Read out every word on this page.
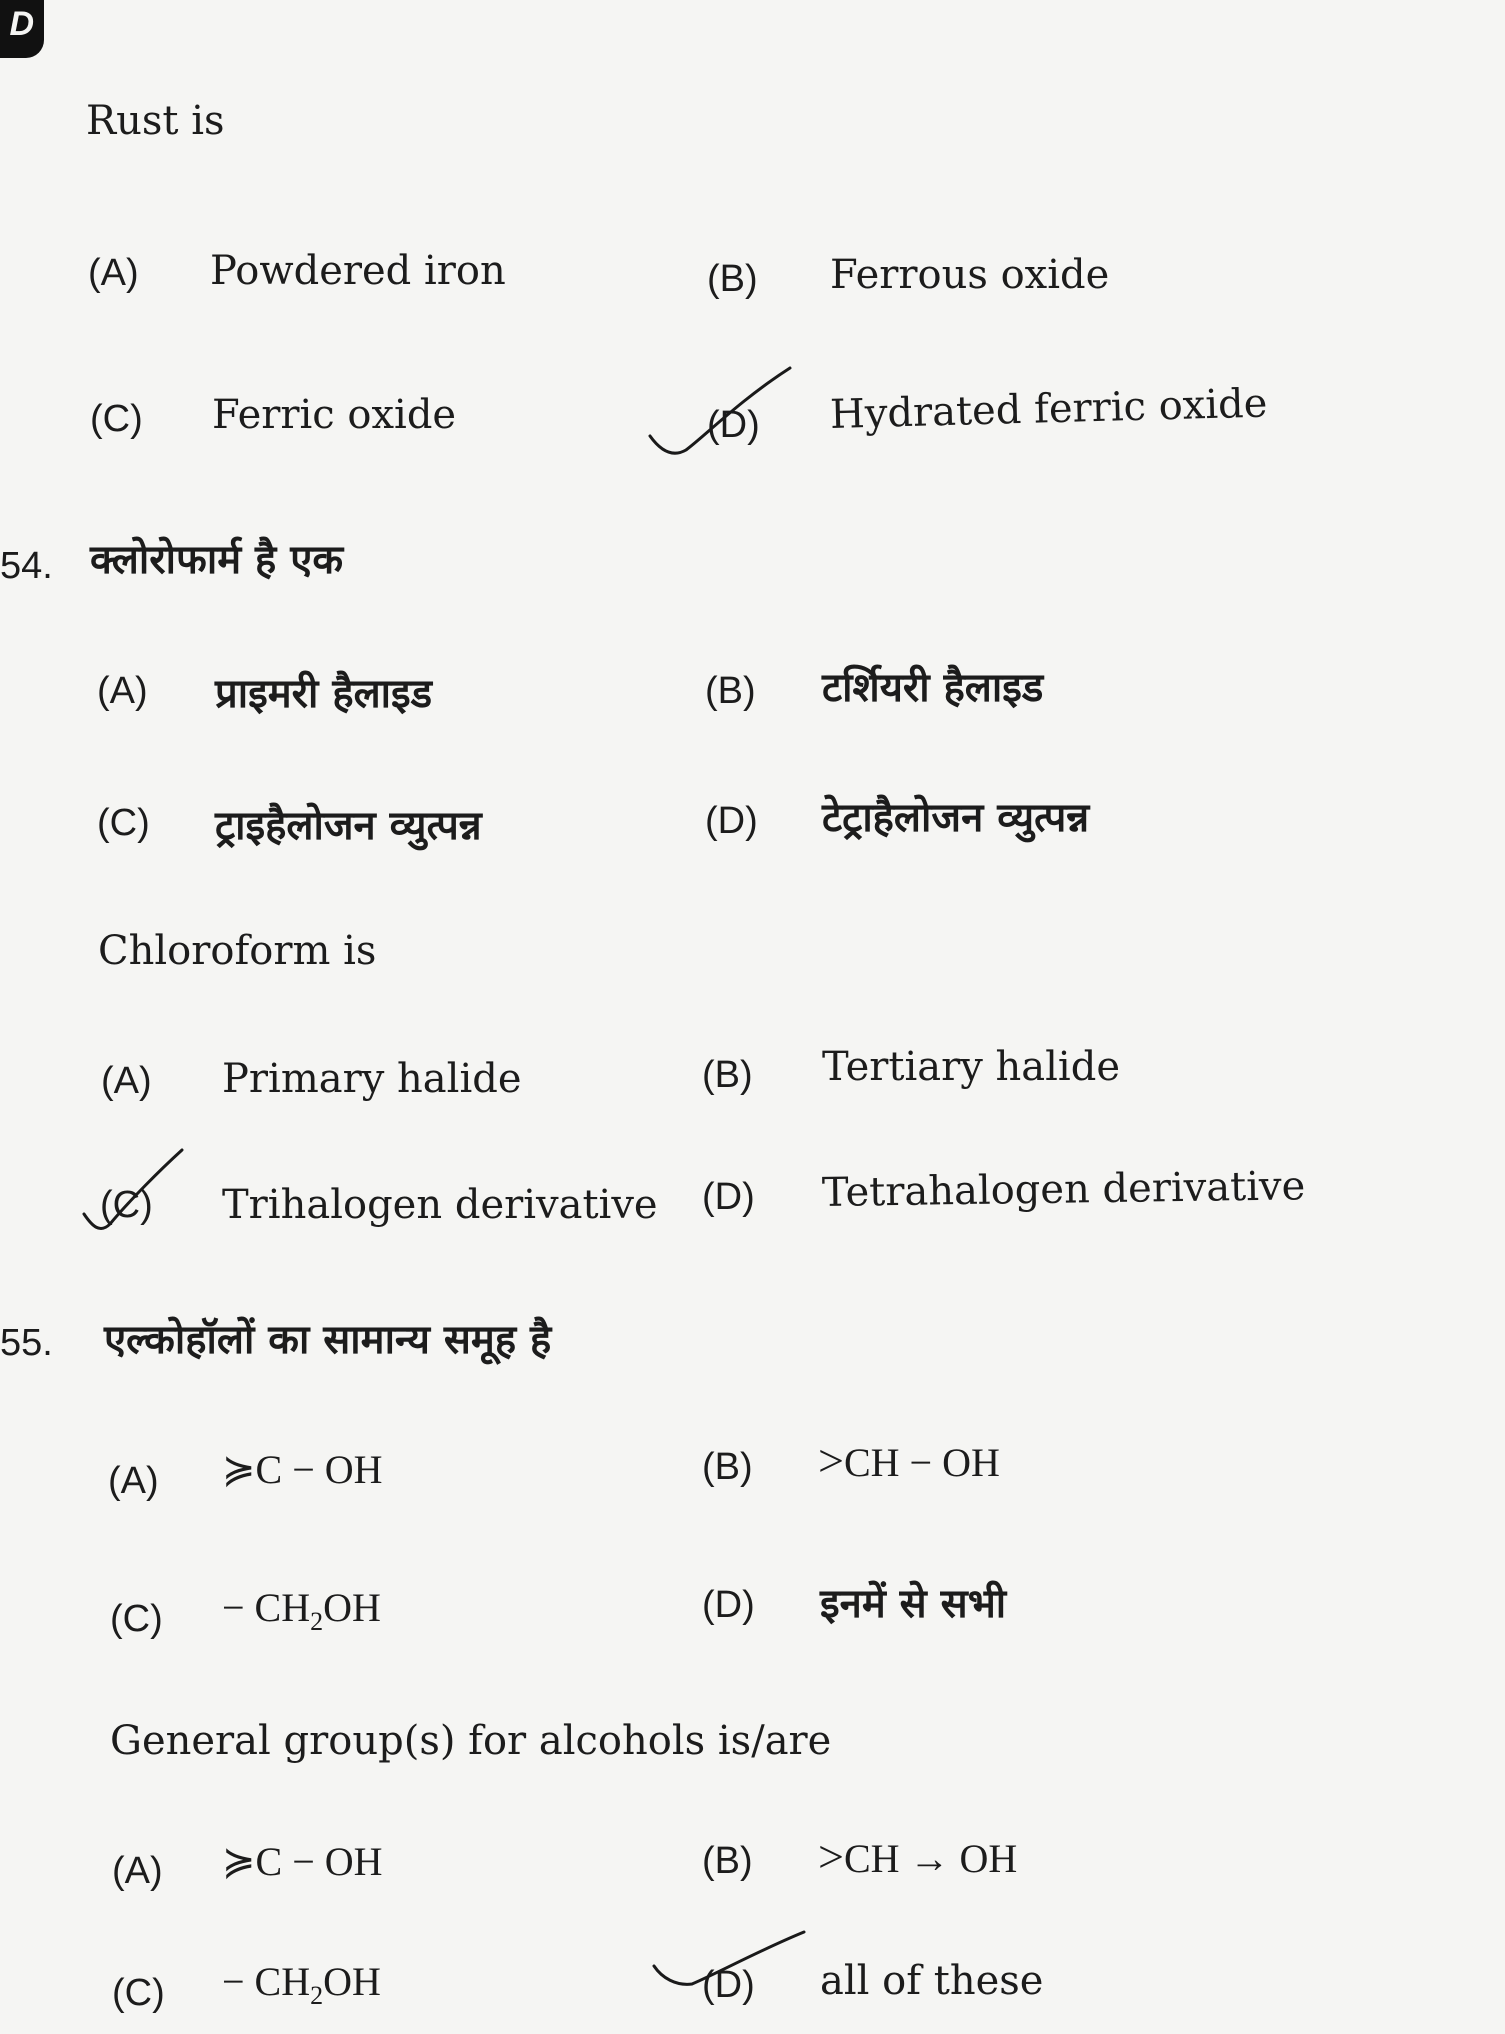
D
Rust is
(A) Powdered iron	(B) Ferrous oxide
(C) Ferric oxide	(D) Hydrated ferric oxide
54. क्लोरोफार्म है एक
(A) प्राइमरी हैलाइड	(B) टर्शियरी हैलाइड
(C) ट्राइहैलोजन व्युत्पन्न	(D) टेट्राहैलोजन व्युत्पन्न
Chloroform is
(A) Primary halide	(B) Tertiary halide
(C) Trihalogen derivative (D) Tetrahalogen derivative
55. एल्कोहॉलों का सामान्य समूह है
(A) ≽C − OH	(B) >CH − OH
$(C) - CH_2OH$	(D) इनमें से सभी
General group(s) for alcohols is/are
(A) ≽C − OH	(B) >CH → OH
$(C) - CH_2OH$	(D) all of these
